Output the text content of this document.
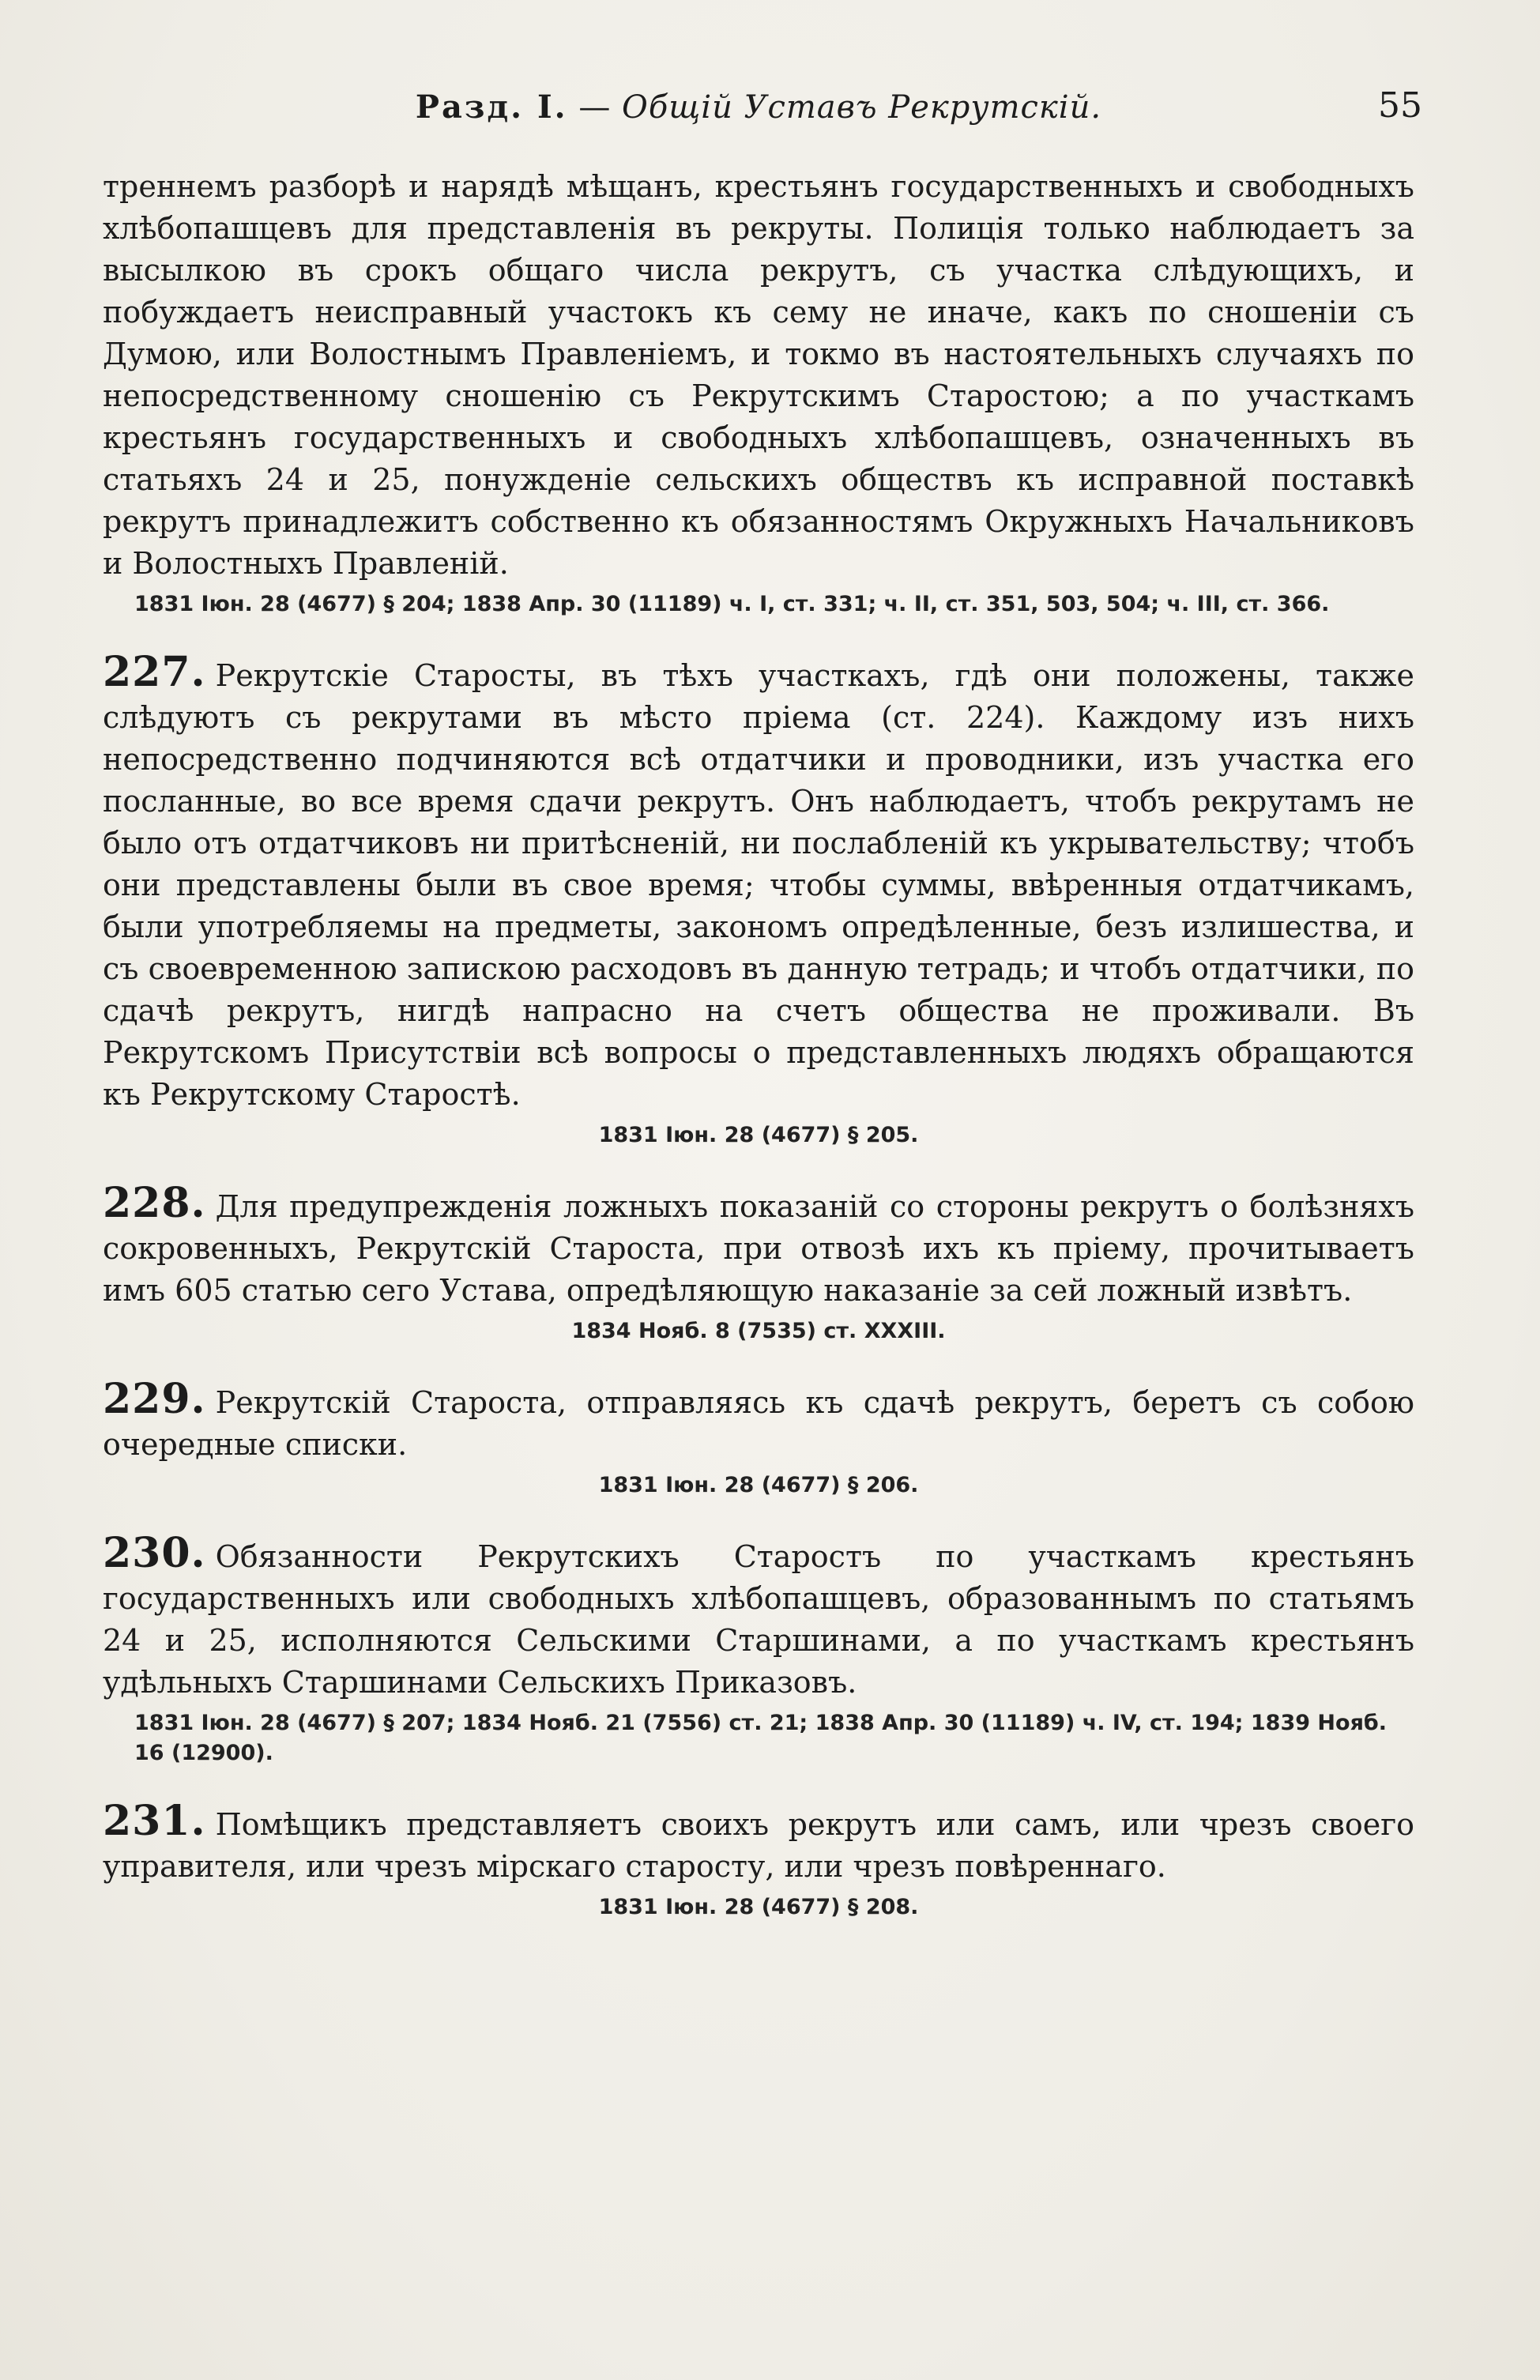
Разд. I. — Общій Уставъ Рекрутскій.	55

треннемъ разборѣ и нарядѣ мѣщанъ, крестьянъ государственныхъ и свободныхъ хлѣбопашцевъ для представленія въ рекруты. Полиція только наблюдаетъ за высылкою въ срокъ общаго числа рекрутъ, съ участка слѣдующихъ, и побуждаетъ неисправный участокъ къ сему не иначе, какъ по сношеніи съ Думою, или Волостнымъ Правленіемъ, и токмо въ настоятельныхъ случаяхъ по непосредственному сношенію съ Рекрутскимъ Старостою; а по участкамъ крестьянъ государственныхъ и свободныхъ хлѣбопашцевъ, означенныхъ въ статьяхъ 24 и 25, понужденіе сельскихъ обществъ къ исправной поставкѣ рекрутъ принадлежитъ собственно къ обязанностямъ Окружныхъ Начальниковъ и Волостныхъ Правленій.

1831 Іюн. 28 (4677) § 204; 1838 Апр. 30 (11189) ч. I, ст. 331; ч. II, ст. 351, 503, 504; ч. III, ст. 366.

227. Рекрутскіе Старосты, въ тѣхъ участкахъ, гдѣ они положены, также слѣдуютъ съ рекрутами въ мѣсто пріема (ст. 224). Каждому изъ нихъ непосредственно подчиняются всѣ отдатчики и проводники, изъ участка его посланные, во все время сдачи рекрутъ. Онъ наблюдаетъ, чтобъ рекрутамъ не было отъ отдатчиковъ ни притѣсненій, ни послабленій къ укрывательству; чтобъ они представлены были въ свое время; чтобы суммы, ввѣренныя отдатчикамъ, были употребляемы на предметы, закономъ опредѣленные, безъ излишества, и съ своевременною запискою расходовъ въ данную тетрадь; и чтобъ отдатчики, по сдачѣ рекрутъ, нигдѣ напрасно на счетъ общества не проживали. Въ Рекрутскомъ Присутствіи всѣ вопросы о представленныхъ людяхъ обращаются къ Рекрутскому Старостѣ.

1831 Іюн. 28 (4677) § 205.

228. Для предупрежденія ложныхъ показаній со стороны рекрутъ о болѣзняхъ сокровенныхъ, Рекрутскій Староста, при отвозѣ ихъ къ пріему, прочитываетъ имъ 605 статью сего Устава, опредѣляющую наказаніе за сей ложный извѣтъ.

1834 Нояб. 8 (7535) ст. XXXIII.

229. Рекрутскій Староста, отправляясь къ сдачѣ рекрутъ, беретъ съ собою очередные списки.

1831 Іюн. 28 (4677) § 206.

230. Обязанности Рекрутскихъ Старостъ по участкамъ крестьянъ государственныхъ или свободныхъ хлѣбопашцевъ, образованнымъ по статьямъ 24 и 25, исполняются Сельскими Старшинами, а по участкамъ крестьянъ удѣльныхъ Старшинами Сельскихъ Приказовъ.

1831 Іюн. 28 (4677) § 207; 1834 Нояб. 21 (7556) ст. 21; 1838 Апр. 30 (11189) ч. IV, ст. 194; 1839 Нояб. 16 (12900).

231. Помѣщикъ представляетъ своихъ рекрутъ или самъ, или чрезъ своего управителя, или чрезъ мірскаго старосту, или чрезъ повѣреннаго.

1831 Іюн. 28 (4677) § 208.
